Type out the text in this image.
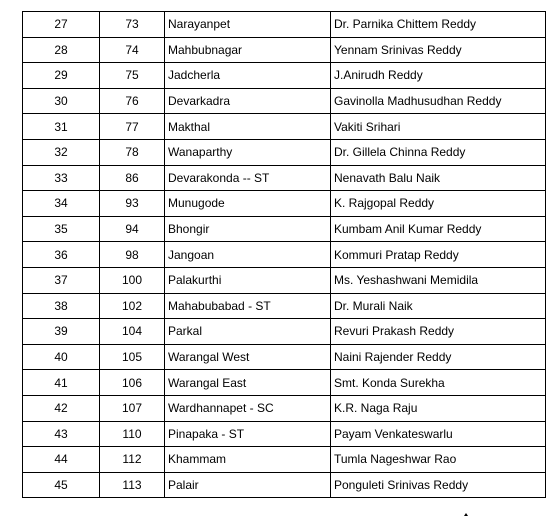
27	73	Narayanpet	Dr. Parnika Chittem Reddy
28	74	Mahbubnagar	Yennam Srinivas Reddy
29	75	Jadcherla	J.Anirudh Reddy
30	76	Devarkadra	Gavinolla Madhusudhan Reddy
31	77	Makthal	Vakiti Srihari
32	78	Wanaparthy	Dr. Gillela Chinna Reddy
33	86	Devarakonda -- ST	Nenavath Balu Naik
34	93	Munugode	K. Rajgopal Reddy
35	94	Bhongir	Kumbam Anil Kumar Reddy
36	98	Jangoan	Kommuri Pratap Reddy
37	100	Palakurthi	Ms. Yeshashwani Memidila
38	102	Mahabubabad - ST	Dr. Murali Naik
39	104	Parkal	Revuri Prakash Reddy
40	105	Warangal West	Naini Rajender Reddy
41	106	Warangal East	Smt. Konda Surekha
42	107	Wardhannapet - SC	K.R. Naga Raju
43	110	Pinapaka - ST	Payam Venkateswarlu
44	112	Khammam	Tumla Nageshwar Rao
45	113	Palair	Ponguleti Srinivas Reddy
